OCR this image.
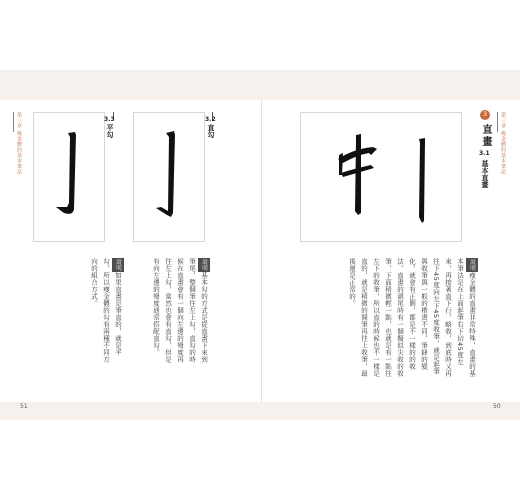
第三章 瘦金體的基本筆法	3.3
平勾
3.2
直勾
說明如果直畫是筆直的，就是平勾，所以瘦金體的勾有兩種不同方向的組合方式。	說明基本勾的方式是從直畫下來到筆尾，整個筆往左上勾，直勾的時候在直畫會有一個向左邊的彎度再往左上勾，當然也會有直勾，但是有向左邊的彎度通常搭配直勾。
51
3
直畫
3.1
基本直畫 第三章 瘦金體的基本筆法
說明瘦金體的直畫非常特殊，直畫的基本筆法是在上面起筆右下切45度左來，再接著直下行，略收，到底時又再往下45度向左下45度收筆，就是起筆與收筆與一般的楷書不同，筆鋒的變化，就會有正側，都是不一樣的的收法。直畫的頭尾時有一個擬似尖收的收筆，下面稍微輕一點，也就是有一點往左下的收筆，所以直的時候也不一樣是直的，就是稍微的開筆再往上收筆，最後還是正常的。
50
